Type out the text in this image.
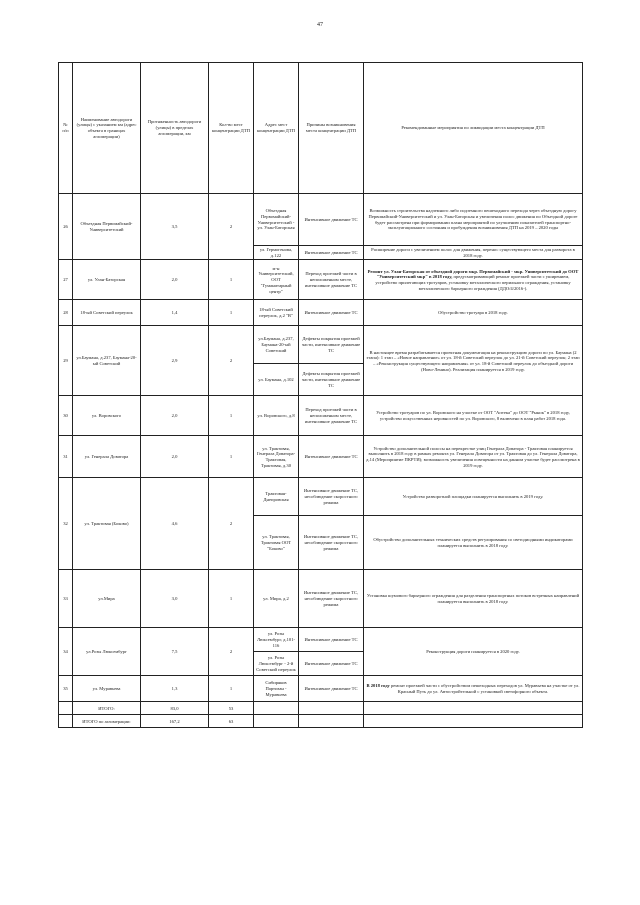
47
№ п/п	Наименование автодороги (улицы) с указанием км (адрес объекта в границах агломерации)	Протяженность автодороги (улицы) в пределах агломерации, км	Кол-во мест концентрации ДТП	Адрес мест концентрации ДТП	Причины возникновения места концентрации ДТП	Рекомендованные мероприятия по ликвидации места концентрации ДТП
26	Объездная Первомайский-Университетский	3,5	2	Объездная Первомайский-Университетский - ул. Улан-Баторская	Интенсивное движение ТС	Возможность строительства надземного либо подземного пешеходного перехода через объездную дорогу Первомайский-Университетский и ул. Улан-Баторская и увеличения полос движения по Объездной дороге будет рассмотрена при формировании плана мероприятий по улучшению показателей транспортно-эксплуатационного состояния и пробуждения возникновения ДТП на 2019 – 2020 годы
				ул. Гермогенова, д.122	Интенсивное движение ТС	Расширение дороги с увеличением полос для движения, перенос существующего места для разворота в 2018 году.
27	ул. Улан-Баторская	2,0	1	м-н Университетский, ООТ "Гуманитарный центр"	Переход проезжей части в неположенном месте, интенсивное движение ТС	Ремонт ул. Улан-Баторская от объездной дороги мкр. Первомайский - мкр. Университетский до ООТ "Университетский мкр" в 2018 году, предусматривающий ремонт проезжей части с уширением, устройство прилегающих тротуаров, установку металлического перильного ограждения, установку металлического барьерного ограждения (ДДО/4/2016-).
28	18-ый Советский переулок	1,4	1	18-ый Советский переулок, д.2 "В"	Интенсивное движение ТС	Обустройство тротуара в 2018 году.
29	ул.Бауманa, д.237, Баумана-20-ый Советский	2,9	2	ул.Баумана, д.237, Баумана-20-ый Советский	Дефекты покрытия проезжей части, интенсивное движение ТС	В настоящее время разрабатывается проектная документация на реконструкцию дороги по ул. Баумана (2 этапа): 1 этап – «Новое направление» от ул. 18-й Советский переулок до ул. 21-й Советский переулок; 2 этап – «Реконструкция существующего направления» от ул. 18-й Советский переулок до объездной дороги (Ново-Ленино). Реализация планируется в 2019 году.
				ул. Баумана, д.102	Дефекты покрытия проезжей части, интенсивное движение ТС	
30	ул. Воровского	2,0	1	ул. Воровского, д.8	Переход проезжей части в неположенном месте, интенсивное движение ТС	Устройство тротуаров по ул. Воровского на участке от ООТ "Аптека" до ООТ "Рынок" в 2018 году, устройство искусственных неровностей по ул. Воровского, 8 включено в план работ 2018 года.
31	ул. Генерала Доватора	2,0	1	ул. Трактовая, Генерала Доватора-Трактовая, Трактовая, д.30	Интенсивное движение ТС	Устройство дополнительной полосы на перекрестке улиц Генерала Доватора - Трактовая планируется выполнить в 2018 году в рамках ремонта ул. Генерала Доватора от ул. Трактовая до ул. Генерала Доватора, д.14 (Мероприятие ПКРТИ); возможность увеличения освещенности на данном участке будет рассмотрена в 2019 году.
32	ул. Трактовая (Боково)	4,6	2	Трактовая-Днепровская	Интенсивное движение ТС, несоблюдение скоростного режима	Устройство разворотной площадки планируется выполнить в 2019 году.
				ул. Трактовая, Трактовая ООТ "Боково"	Интенсивное движение ТС, несоблюдение скоростного режима	Обустройство дополнительных технических средств регулирования со светодиодными индикаторами планируется выполнить в 2018 году.
33	ул.Мира	3,0	1	ул. Мира, д.2	Интенсивное движение ТС, несоблюдение скоростного режима	Установка шумового барьерного ограждения для разделения транспортных потоков встречных направлений планируется выполнить в 2018 году.
34	ул.Розы Люксембург	7,5	2	ул. Розы Люксембург, д.101-116	Интенсивное движение ТС	Реконструкция дороги планируется в 2020 году.
				ул. Розы Люксембург - 2-й Советский переулок	Интенсивное движение ТС	
35	ул. Муравьева	1,3	1	Сибиряков Партизан - Муравьева	Интенсивное движение ТС	В 2018 году ремонт проезжей части с обустройством пешеходных переходов ул. Муравьева на участке от ул. Красный Путь до ул. Автостройтельной с установкой светофорного объекта.
	ИТОГО:	83,0	53			
	ИТОГО по агломерации:	167,2	63			
